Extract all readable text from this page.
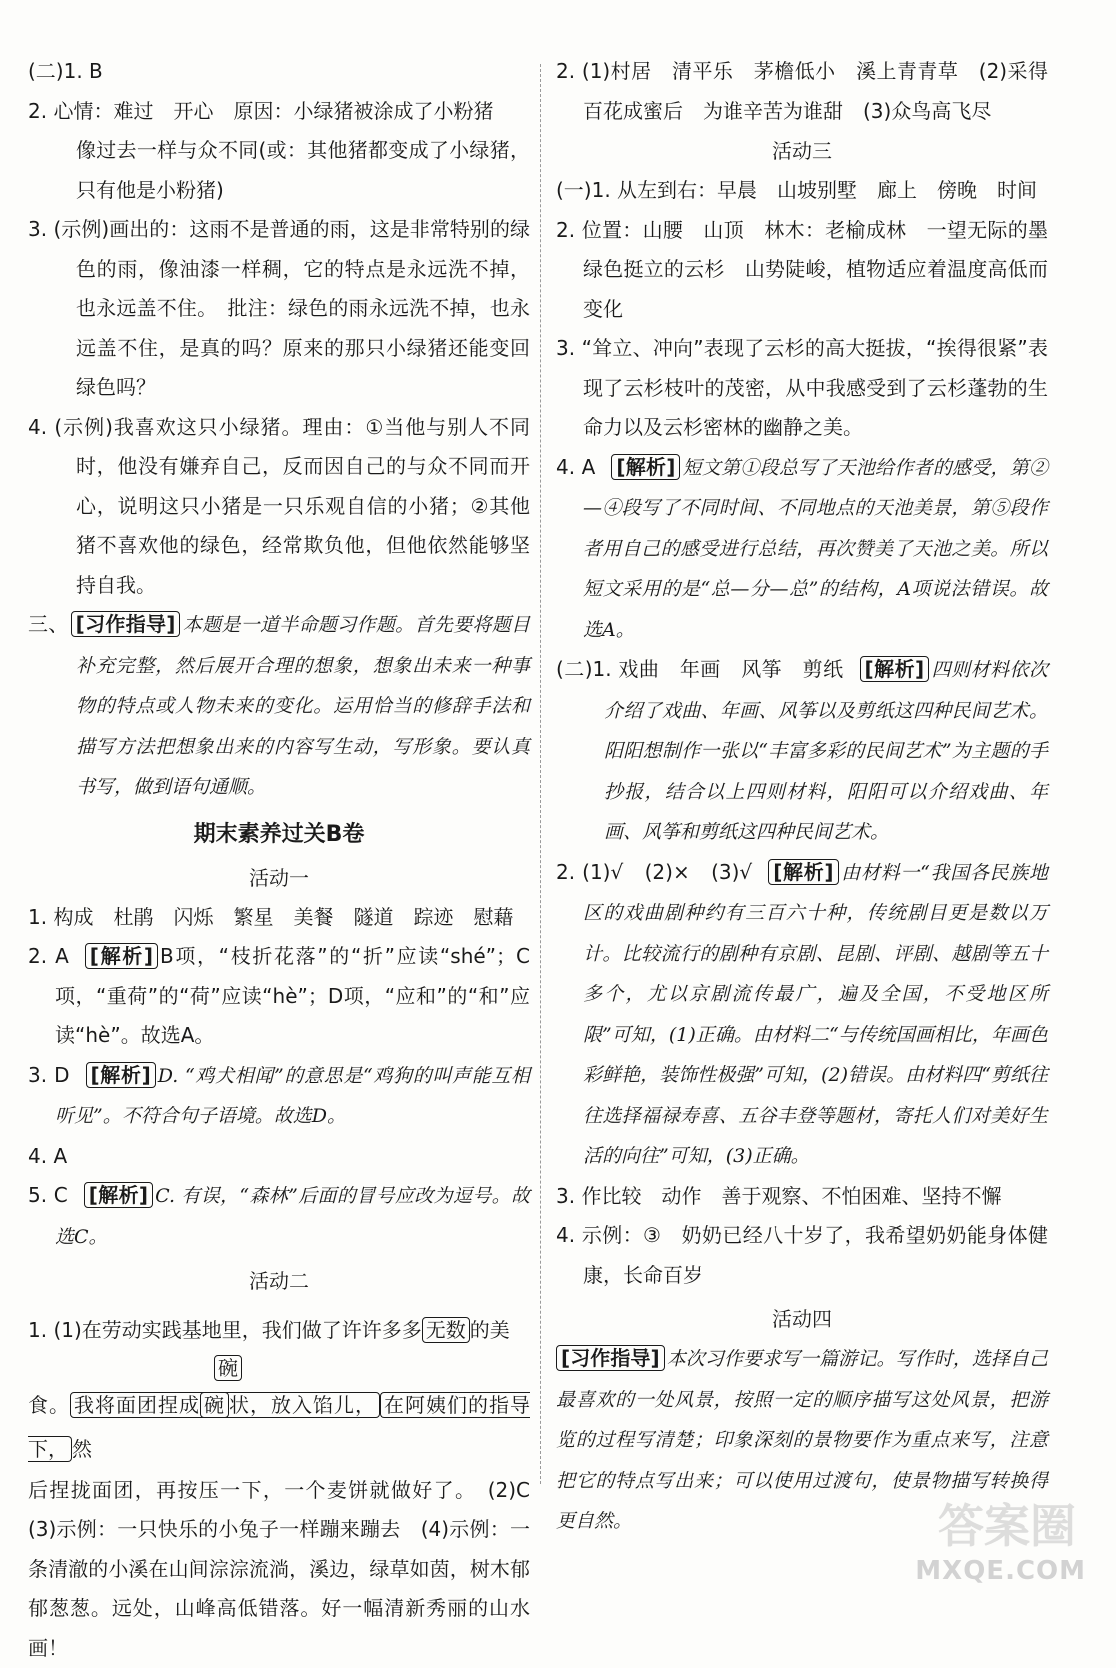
(二)1. B

2. 心情：难过　开心　原因：小绿猪被涂成了小粉猪

像过去一样与众不同(或：其他猪都变成了小绿猪，只有他是小粉猪)

3. (示例)画出的：这雨不是普通的雨，这是非常特别的绿色的雨，像油漆一样稠，它的特点是永远洗不掉，也永远盖不住。　批注：绿色的雨永远洗不掉，也永远盖不住，是真的吗？原来的那只小绿猪还能变回绿色吗？

4. (示例)我喜欢这只小绿猪。理由：①当他与别人不同时，他没有嫌弃自己，反而因自己的与众不同而开心，说明这只小猪是一只乐观自信的小猪；②其他猪不喜欢他的绿色，经常欺负他，但他依然能够坚持自我。

三、 [习作指导] 本题是一道半命题习作题。首先要将题目补充完整，然后展开合理的想象，想象出未来一种事物的特点或人物未来的变化。运用恰当的修辞手法和描写方法把想象出来的内容写生动，写形象。要认真书写，做到语句通顺。

期末素养过关B卷

活动一

1. 构成　杜鹃　闪烁　繁星　美餐　隧道　踪迹　慰藉

2. A [解析] B项，“枝折花落”的“折”应读“shé”；C项，“重荷”的“荷”应读“hè”；D项，“应和”的“和”应读“hè”。故选A。

3. D [解析] D. “鸡犬相闻”的意思是“鸡狗的叫声能互相听见”。不符合句子语境。故选D。

4. A

5. C [解析] C. 有误，“森林”后面的冒号应改为逗号。故选C。

活动二

1. (1)在劳动实践基地里，我们做了许许多多 无数 的美

碗

食。 我将面团捏成 碗 状，放入馅儿， 在阿姨们的指导下， 然

后捏拢面团，再按压一下，一个麦饼就做好了。　(2)C　(3)示例：一只快乐的小兔子一样蹦来蹦去　(4)示例：一条清澈的小溪在山间淙淙流淌，溪边，绿草如茵，树木郁郁葱葱。远处，山峰高低错落。好一幅清新秀丽的山水画！

2. (1)村居　清平乐　茅檐低小　溪上青青草　(2)采得百花成蜜后　为谁辛苦为谁甜　(3)众鸟高飞尽

活动三

(一)1. 从左到右：早晨　山坡别墅　廊上　傍晚　时间

2. 位置：山腰　山顶　林木：老榆成林　一望无际的墨绿色挺立的云杉　山势陡峻，植物适应着温度高低而变化

3. “耸立、冲向”表现了云杉的高大挺拔，“挨得很紧”表现了云杉枝叶的茂密，从中我感受到了云杉蓬勃的生命力以及云杉密林的幽静之美。

4. A [解析] 短文第①段总写了天池给作者的感受，第②—④段写了不同时间、不同地点的天池美景，第⑤段作者用自己的感受进行总结，再次赞美了天池之美。所以短文采用的是“总—分—总”的结构，A项说法错误。故选A。

(二)1. 戏曲　年画　风筝　剪纸 [解析] 四则材料依次介绍了戏曲、年画、风筝以及剪纸这四种民间艺术。阳阳想制作一张以“丰富多彩的民间艺术”为主题的手抄报，结合以上四则材料，阳阳可以介绍戏曲、年画、风筝和剪纸这四种民间艺术。

2. (1)√　(2)×　(3)√ [解析] 由材料一“我国各民族地区的戏曲剧种约有三百六十种，传统剧目更是数以万计。比较流行的剧种有京剧、昆剧、评剧、越剧等五十多个，尤以京剧流传最广，遍及全国，不受地区所限”可知，(1)正确。由材料二“与传统国画相比，年画色彩鲜艳，装饰性极强”可知，(2)错误。由材料四“剪纸往往选择福禄寿喜、五谷丰登等题材，寄托人们对美好生活的向往”可知，(3)正确。

3. 作比较　动作　善于观察、不怕困难、坚持不懈

4. 示例：③　奶奶已经八十岁了，我希望奶奶能身体健康，长命百岁

活动四

[习作指导] 本次习作要求写一篇游记。写作时，选择自己最喜欢的一处风景，按照一定的顺序描写这处风景，把游览的过程写清楚；印象深刻的景物要作为重点来写，注意把它的特点写出来；可以使用过渡句，使景物描写转换得更自然。	答案圈
MXQE.COM
